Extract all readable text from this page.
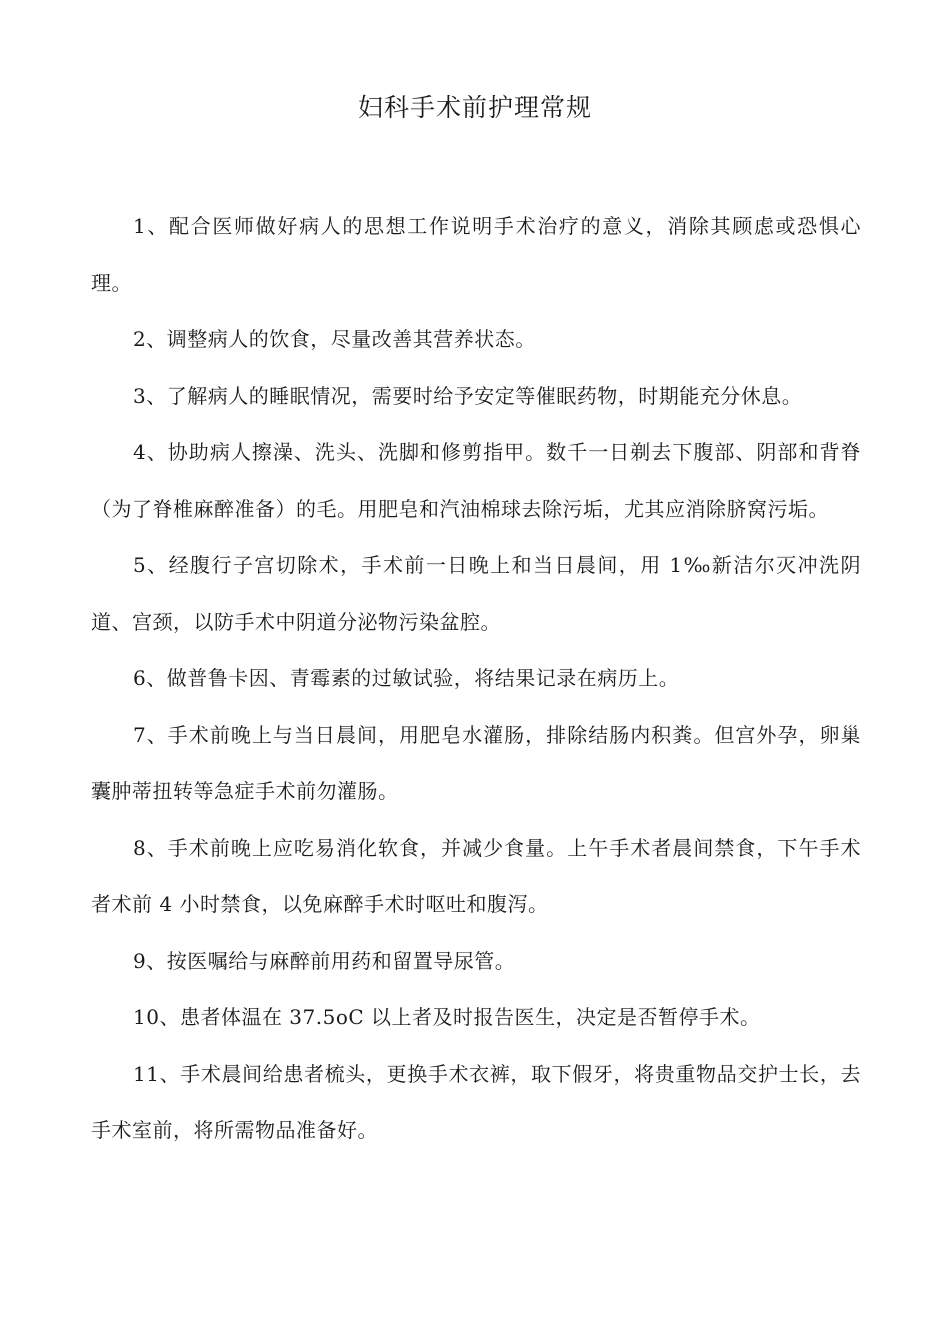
妇科手术前护理常规

1、配合医师做好病人的思想工作说明手术治疗的意义，消除其顾虑或恐惧心理。

2、调整病人的饮食，尽量改善其营养状态。

3、了解病人的睡眠情况，需要时给予安定等催眠药物，时期能充分休息。

4、协助病人擦澡、洗头、洗脚和修剪指甲。数千一日剃去下腹部、阴部和背脊（为了脊椎麻醉准备）的毛。用肥皂和汽油棉球去除污垢，尤其应消除脐窝污垢。

5、经腹行子宫切除术，手术前一日晚上和当日晨间，用 1‰新洁尔灭冲洗阴道、宫颈，以防手术中阴道分泌物污染盆腔。

6、做普鲁卡因、青霉素的过敏试验，将结果记录在病历上。

7、手术前晚上与当日晨间，用肥皂水灌肠，排除结肠内积粪。但宫外孕，卵巢囊肿蒂扭转等急症手术前勿灌肠。

8、手术前晚上应吃易消化软食，并减少食量。上午手术者晨间禁食，下午手术者术前 4 小时禁食，以免麻醉手术时呕吐和腹泻。

9、按医嘱给与麻醉前用药和留置导尿管。

10、患者体温在 37.5oC 以上者及时报告医生，决定是否暂停手术。

11、手术晨间给患者梳头，更换手术衣裤，取下假牙，将贵重物品交护士长，去手术室前，将所需物品准备好。
